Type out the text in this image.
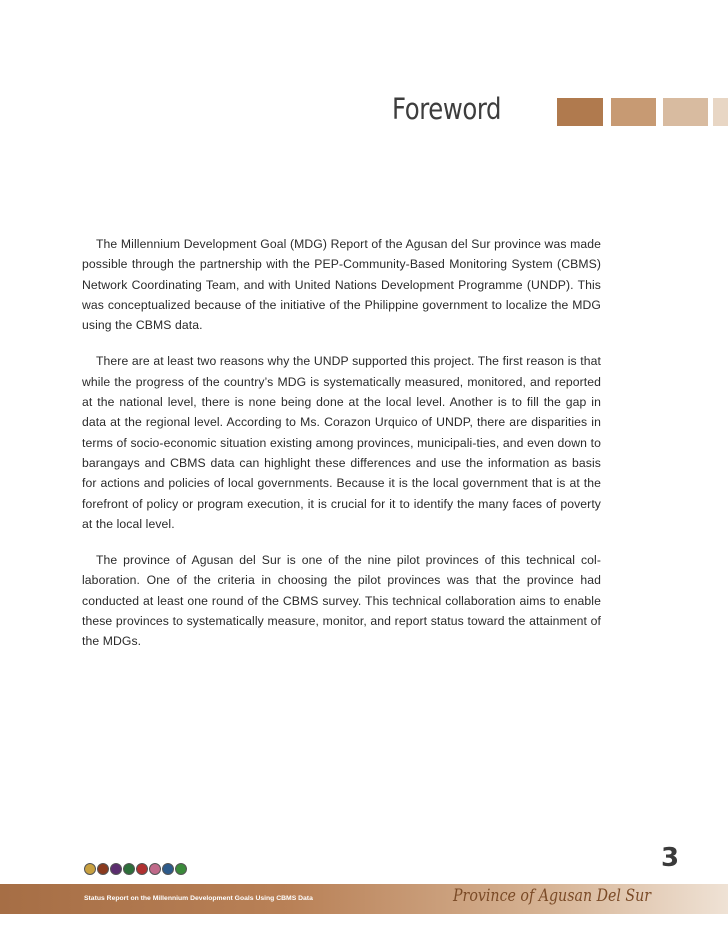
Foreword

The Millennium Development Goal (MDG) Report of the Agusan del Sur province was made possible through the partnership with the PEP-Community-Based Monitoring System (CBMS) Network Coordinating Team, and with United Nations Development Programme (UNDP). This was conceptualized because of the initiative of the Philippine government to localize the MDG using the CBMS data.

There are at least two reasons why the UNDP supported this project. The first reason is that while the progress of the country’s MDG is systematically measured, monitored, and reported at the national level, there is none being done at the local level. Another is to fill the gap in data at the regional level. According to Ms. Corazon Urquico of UNDP, there are disparities in terms of socio-economic situation existing among provinces, municipali-ties, and even down to barangays and CBMS data can highlight these differences and use the information as basis for actions and policies of local governments. Because it is the local government that is at the forefront of policy or program execution, it is crucial for it to identify the many faces of poverty at the local level.

The province of Agusan del Sur is one of the nine pilot provinces of this technical col-laboration. One of the criteria in choosing the pilot provinces was that the province had conducted at least one round of the CBMS survey. This technical collaboration aims to enable these provinces to systematically measure, monitor, and report status toward the attainment of the MDGs.

3
Status Report on the Millennium Development Goals Using CBMS Data	Province of Agusan Del Sur
